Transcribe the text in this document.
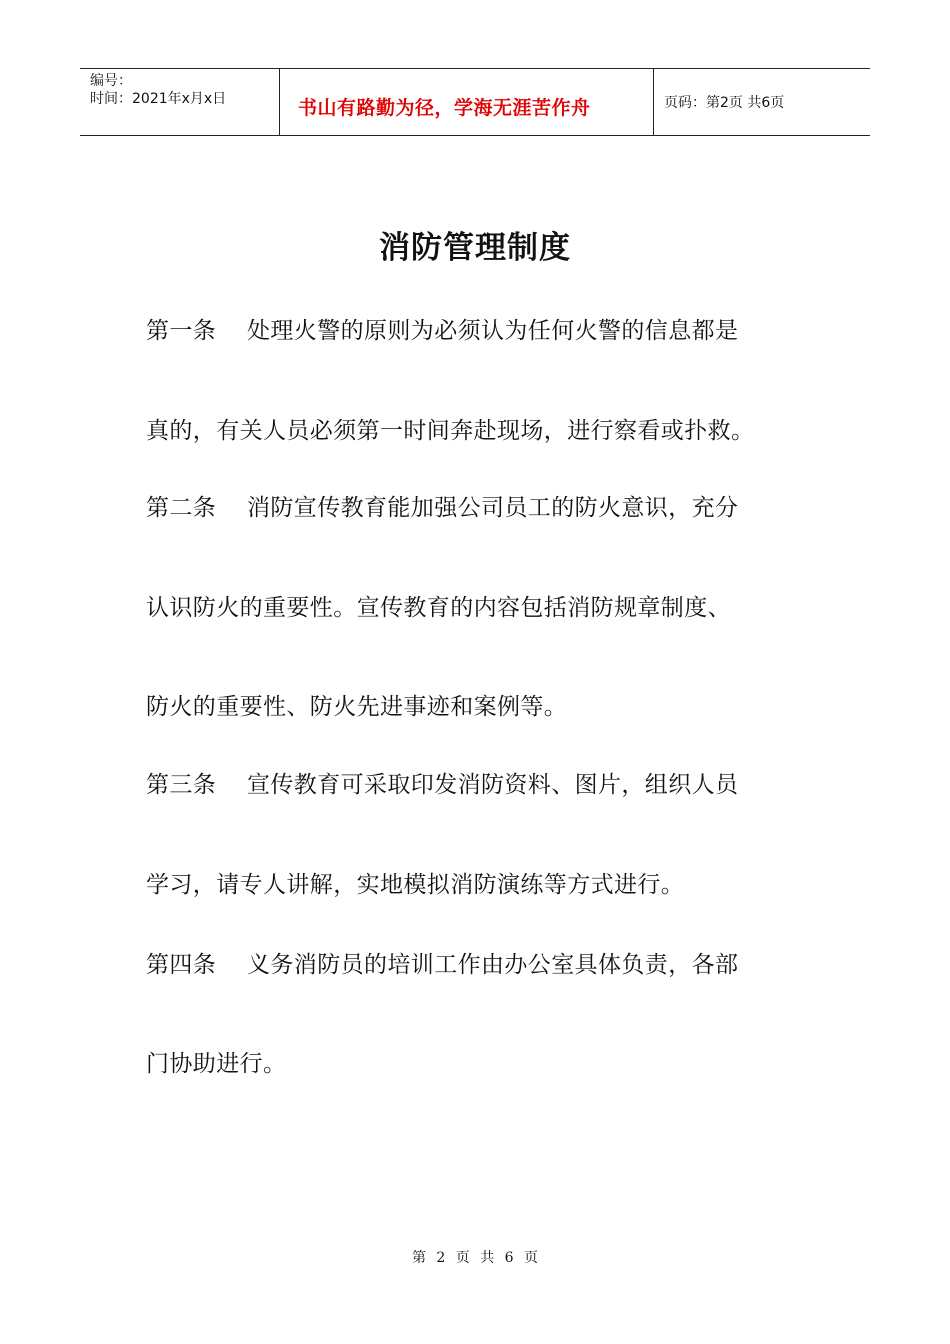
编号：
时间：2021年x月x日	书山有路勤为径，学海无涯苦作舟	页码：第2页 共6页
消防管理制度
第一条 处理火警的原则为必须认为任何火警的信息都是
真的，有关人员必须第一时间奔赴现场，进行察看或扑救。
第二条 消防宣传教育能加强公司员工的防火意识，充分
认识防火的重要性。宣传教育的内容包括消防规章制度、
防火的重要性、防火先进事迹和案例等。
第三条 宣传教育可采取印发消防资料、图片，组织人员
学习，请专人讲解，实地模拟消防演练等方式进行。
第四条 义务消防员的培训工作由办公室具体负责，各部
门协助进行。
第 2 页 共 6 页
